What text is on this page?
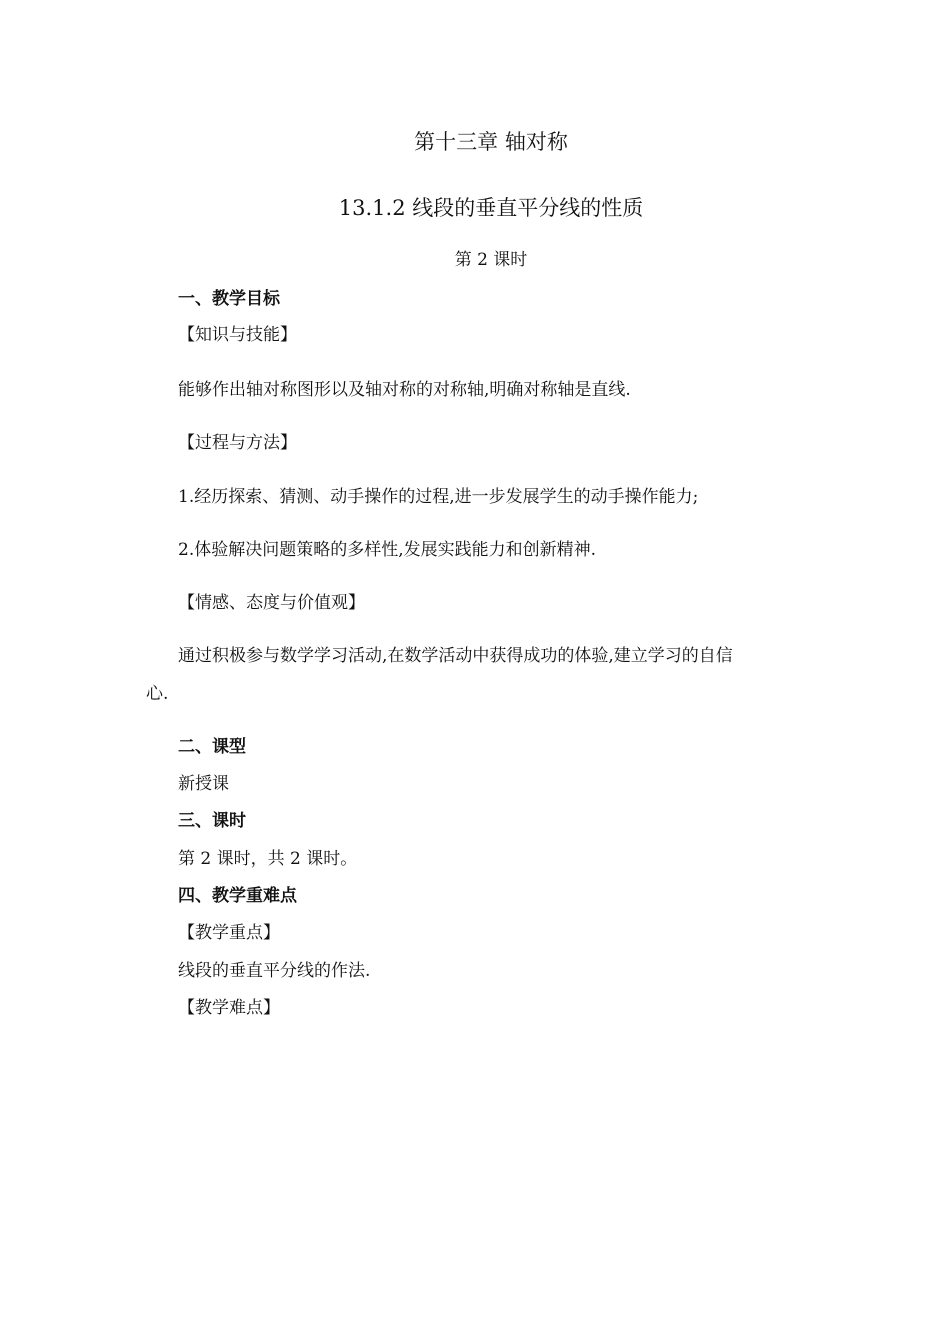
第十三章 轴对称
13.1.2 线段的垂直平分线的性质
第 2 课时
一、教学目标
【知识与技能】
能够作出轴对称图形以及轴对称的对称轴,明确对称轴是直线.
【过程与方法】
1.经历探索、猜测、动手操作的过程,进一步发展学生的动手操作能力;
2.体验解决问题策略的多样性,发展实践能力和创新精神.
【情感、态度与价值观】
通过积极参与数学学习活动,在数学活动中获得成功的体验,建立学习的自信
心.
二、课型
新授课
三、课时
第 2 课时，共 2 课时。
四、教学重难点
【教学重点】
线段的垂直平分线的作法.
【教学难点】
